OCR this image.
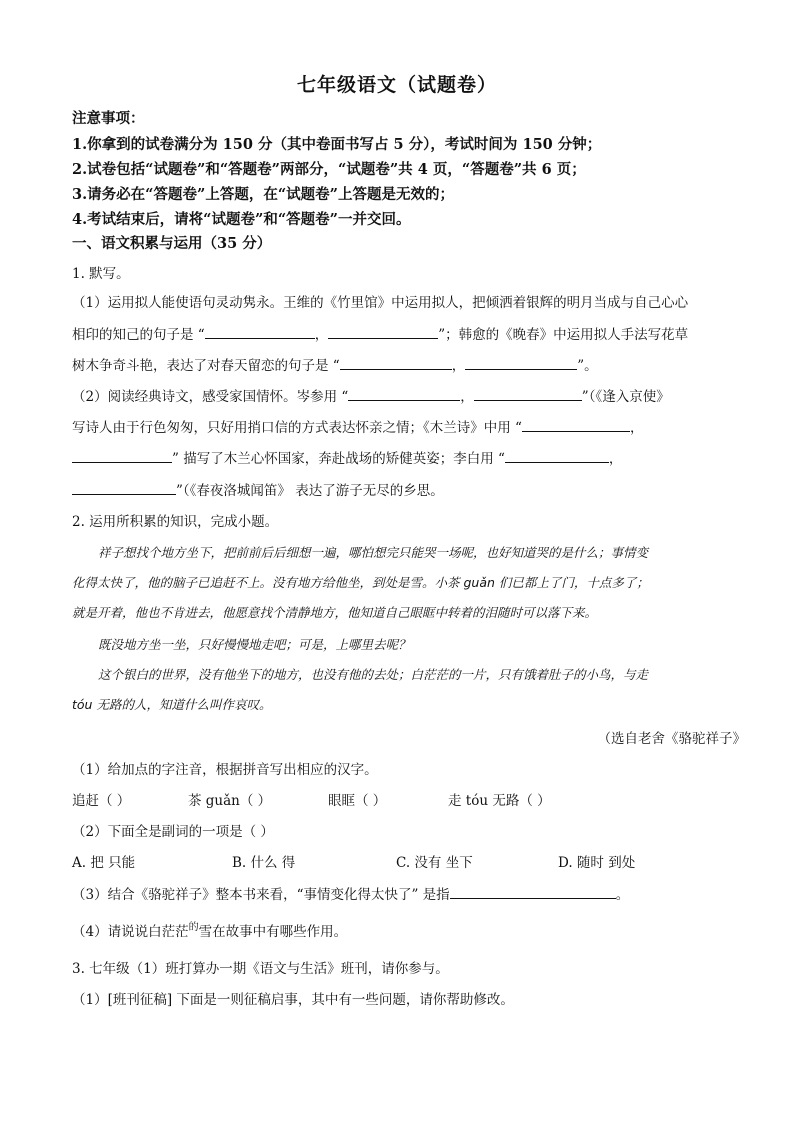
七年级语文（试题卷）
注意事项：
1.你拿到的试卷满分为 150 分（其中卷面书写占 5 分），考试时间为 150 分钟；
2.试卷包括“试题卷”和“答题卷”两部分，“试题卷”共 4 页，“答题卷”共 6 页；
3.请务必在“答题卷”上答题，在“试题卷”上答题是无效的；
4.考试结束后，请将“试题卷”和“答题卷”一并交回。
一、语文积累与运用（35 分）
1. 默写。
（1）运用拟人能使语句灵动隽永。王维的《竹里馆》中运用拟人，把倾洒着银辉的明月当成与自己心心
相印的知己的句子是 “	，	”；韩愈的《晚春》中运用拟人手法写花草
树木争奇斗艳，表达了对春天留恋的句子是 “	，	”。
（2）阅读经典诗文，感受家国情怀。岑参用 “	，	”（《逢入京使》
写诗人由于行色匆匆，只好用捎口信的方式表达怀亲之情；《木兰诗》中用 “	，
” 描写了木兰心怀国家，奔赴战场的矫健英姿；李白用 “	，
”（《春夜洛城闻笛》 表达了游子无尽的乡思。
2. 运用所积累的知识，完成小题。
祥子想找个地方坐下，把前前后后细想一遍，哪怕想完只能哭一场呢，也好知道哭的是什么；事情变
化得太快了，他的脑子已追赶不上。没有地方给他坐，到处是雪。小茶 guǎn 们已都上了门，十点多了；
就是开着，他也不肯进去，他愿意找个清静地方，他知道自己眼眶中转着的泪随时可以落下来。
既没地方坐一坐，只好慢慢地走吧；可是，上哪里去呢？
这个银白的世界，没有他坐下的地方，也没有他的去处；白茫茫的一片，只有饿着肚子的小鸟，与走
tóu 无路的人，知道什么叫作哀叹。
（选自老舍《骆驼祥子》
（1）给加点的字注音，根据拼音写出相应的汉字。
追赶（ ）	茶 guǎn（ ）	眼眶（ ）	走 tóu 无路（ ）
（2）下面全是副词的一项是（ ）
A. 把 只能	B. 什么 得	C. 没有 坐下	D. 随时 到处
（3）结合《骆驼祥子》整本书来看，“事情变化得太快了” 是指	。
（4）请说说白茫茫$^的$雪在故事中有哪些作用。
3. 七年级（1）班打算办一期《语文与生活》班刊，请你参与。
（1）[班刊征稿] 下面是一则征稿启事，其中有一些问题，请你帮助修改。
